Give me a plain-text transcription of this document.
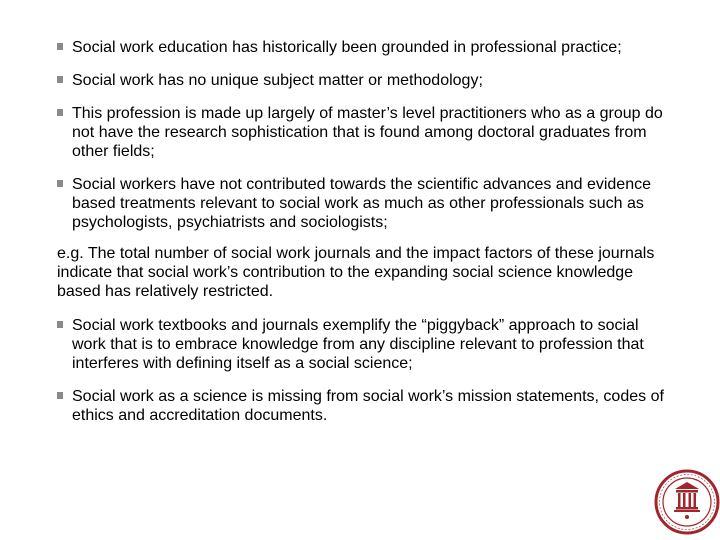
Social work education has historically been grounded in professional practice;
Social work has no unique subject matter or methodology;
This profession is made up largely of master’s level practitioners who as a group do not have the research sophistication that is found among doctoral graduates from other fields;
Social workers have not contributed towards the scientific advances and evidence based treatments relevant to social work as much as other professionals such as psychologists, psychiatrists and sociologists;
e.g. The total number of social work journals and the impact factors of these journals indicate that social work’s contribution to the expanding social science knowledge based has relatively restricted.
Social work textbooks and journals exemplify the “piggyback” approach to social work that is to embrace knowledge from any discipline relevant to profession that interferes with defining itself as a social science;
Social work as a science is missing from social work’s mission statements, codes of ethics and accreditation documents.
